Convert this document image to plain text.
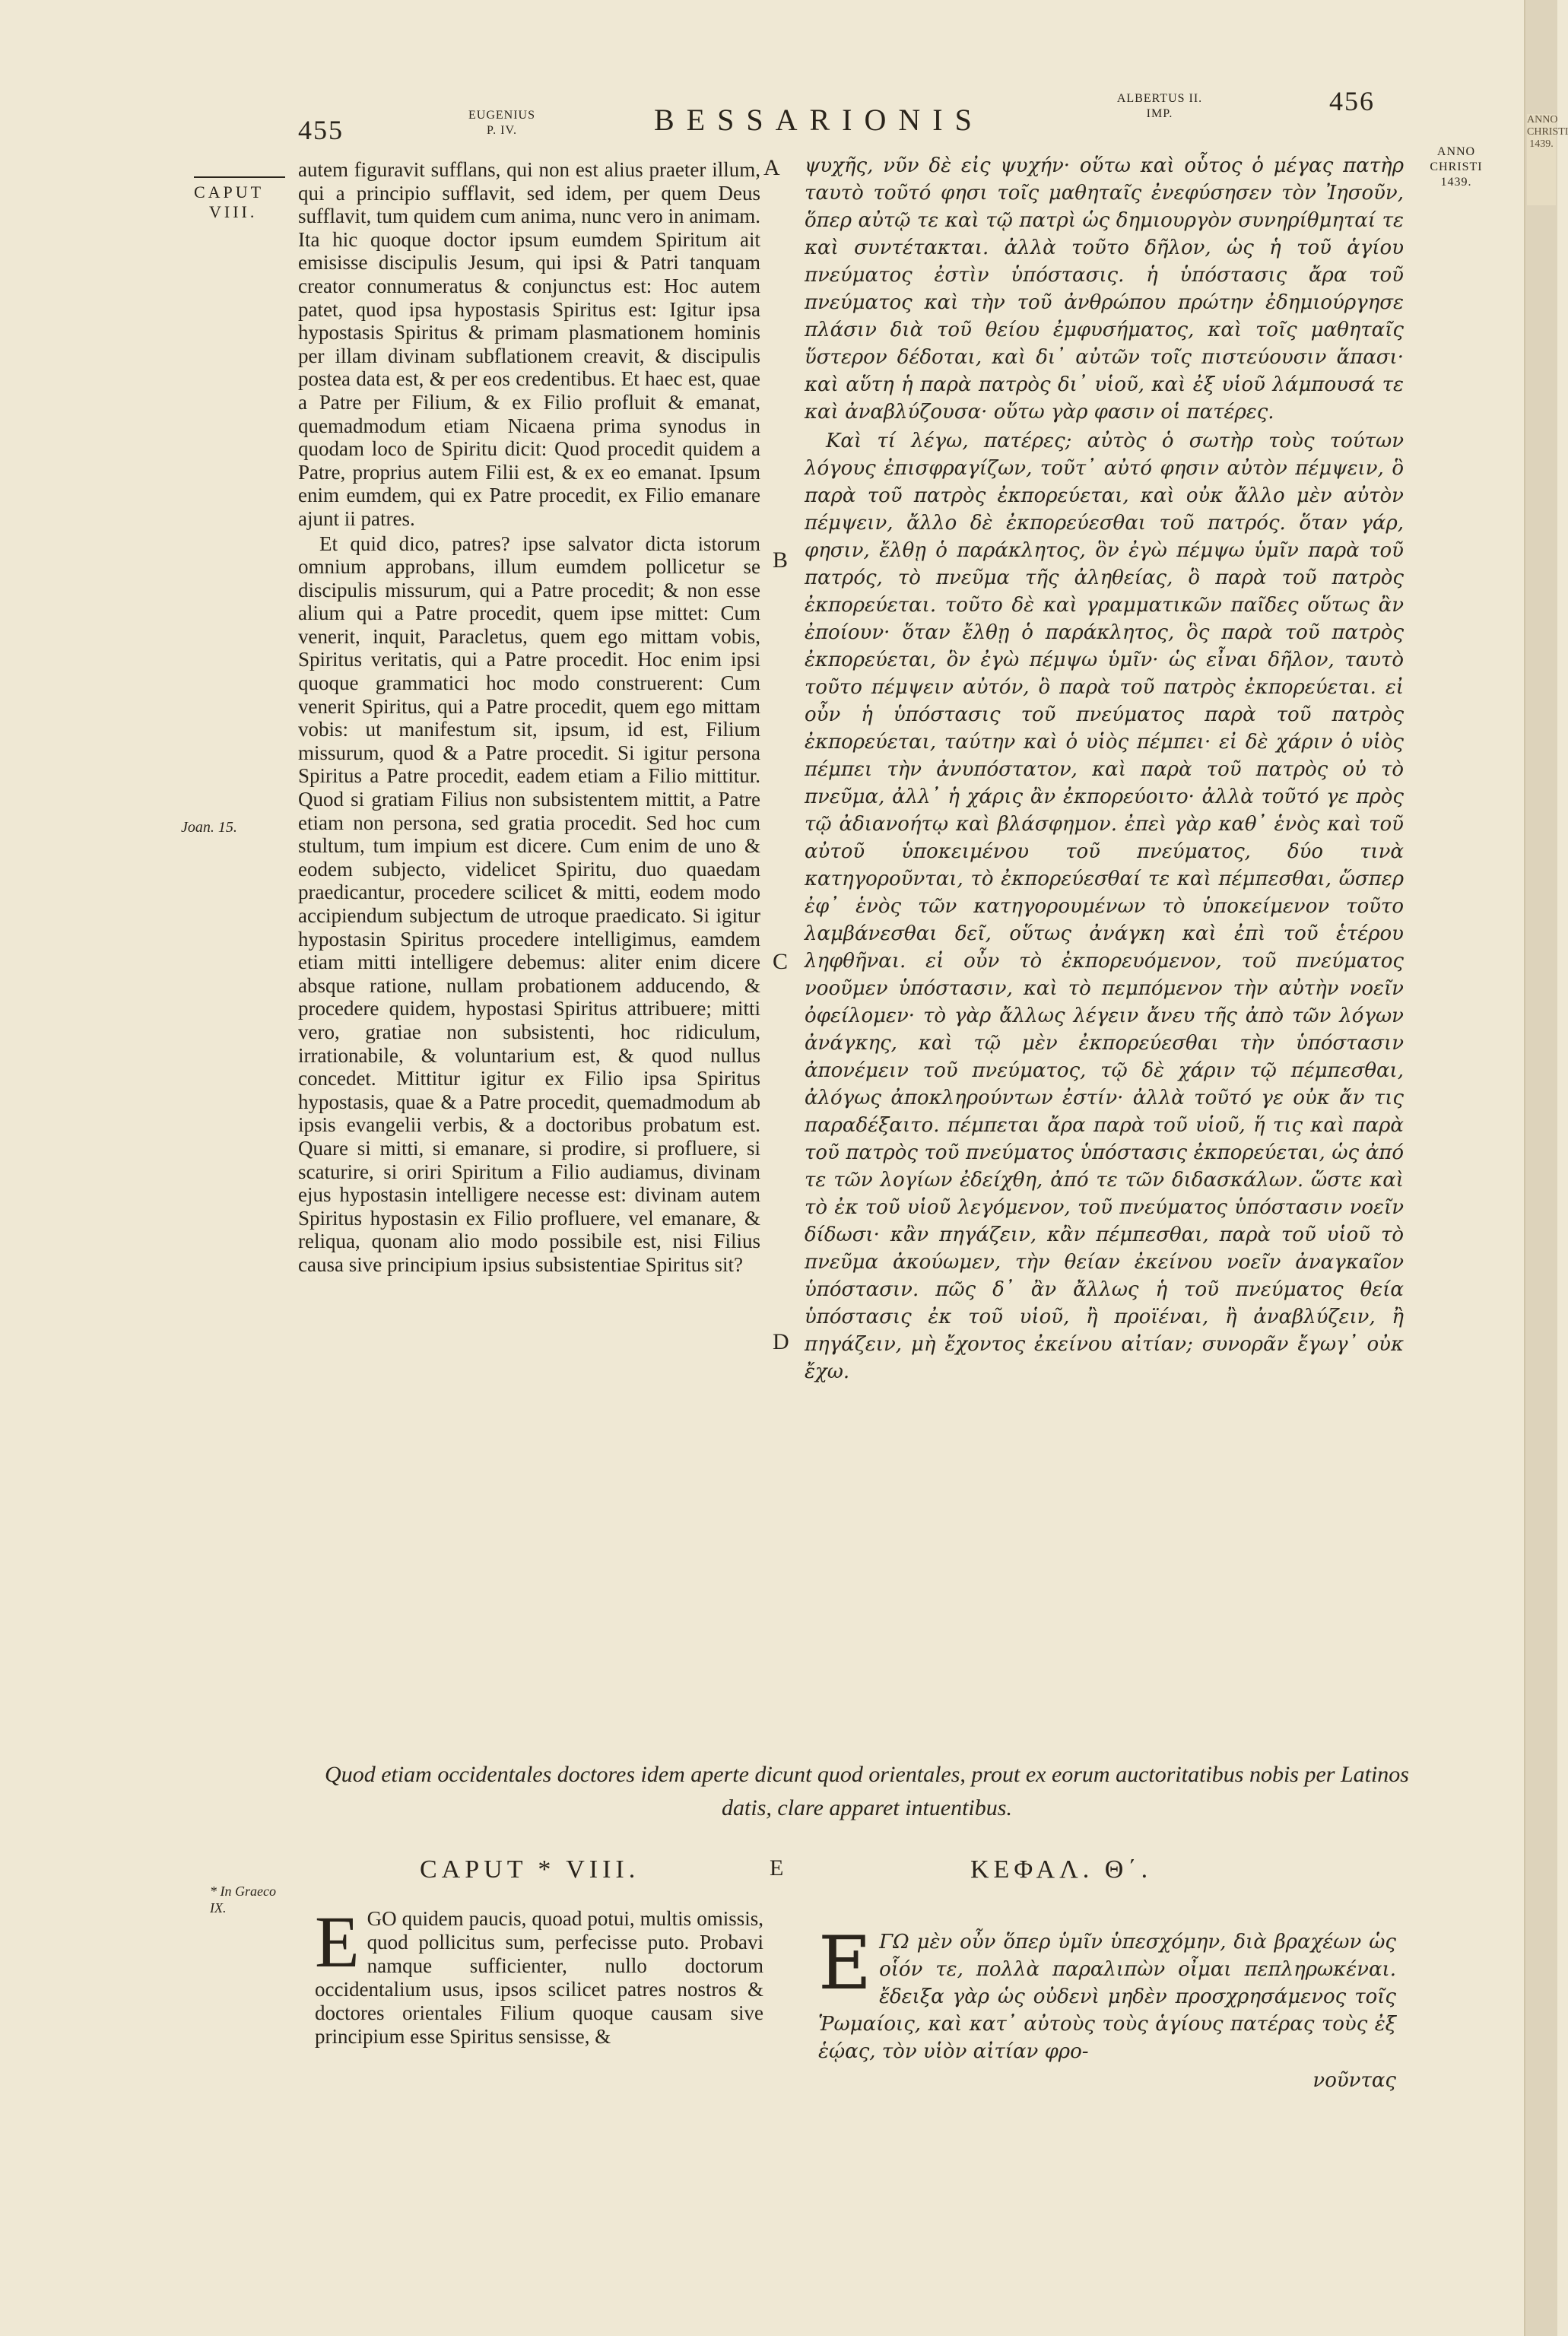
ANNO
CHRISTI
1439.
455	EUGENIUS
P. IV.	BESSARIONIS
ALBERTUS II.
IMP.	456
ANNO
CHRISTI
1439.
CAPUT
VIII.
Joan. 15.
* In Graeco
IX.

autem figuravit sufflans, qui non est alius praeter illum, qui a principio sufflavit, sed idem, per quem Deus sufflavit, tum quidem cum anima, nunc vero in animam. Ita hic quoque doctor ipsum eumdem Spiritum ait emisisse discipulis Jesum, qui ipsi & Patri tanquam creator connumeratus & conjunctus est: Hoc autem patet, quod ipsa hypostasis Spiritus est: Igitur ipsa hypostasis Spiritus & primam plasmationem hominis per illam divinam subflationem creavit, & discipulis postea data est, & per eos credentibus. Et haec est, quae a Patre per Filium, & ex Filio profluit & emanat, quemadmodum etiam Nicaena prima synodus in quodam loco de Spiritu dicit: Quod procedit quidem a Patre, proprius autem Filii est, & ex eo emanat. Ipsum enim eumdem, qui ex Patre procedit, ex Filio emanare ajunt ii patres.

Et quid dico, patres? ipse salvator dicta istorum omnium approbans, illum eumdem pollicetur se discipulis missurum, qui a Patre procedit; & non esse alium qui a Patre procedit, quem ipse mittet: Cum venerit, inquit, Paracletus, quem ego mittam vobis, Spiritus veritatis, qui a Patre procedit. Hoc enim ipsi quoque grammatici hoc modo construerent: Cum venerit Spiritus, qui a Patre procedit, quem ego mittam vobis: ut manifestum sit, ipsum, id est, Filium missurum, quod & a Patre procedit. Si igitur persona Spiritus a Patre procedit, eadem etiam a Filio mittitur. Quod si gratiam Filius non subsistentem mittit, a Patre etiam non persona, sed gratia procedit. Sed hoc cum stultum, tum impium est dicere. Cum enim de uno & eodem subjecto, videlicet Spiritu, duo quaedam praedicantur, procedere scilicet & mitti, eodem modo accipiendum subjectum de utroque praedicato. Si igitur hypostasin Spiritus procedere intelligimus, eamdem etiam mitti intelligere debemus: aliter enim dicere absque ratione, nullam probationem adducendo, & procedere quidem, hypostasi Spiritus attribuere; mitti vero, gratiae non subsistenti, hoc ridiculum, irrationabile, & voluntarium est, & quod nullus concedet. Mittitur igitur ex Filio ipsa Spiritus hypostasis, quae & a Patre procedit, quemadmodum ab ipsis evangelii verbis, & a doctoribus probatum est. Quare si mitti, si emanare, si prodire, si profluere, si scaturire, si oriri Spiritum a Filio audiamus, divinam ejus hypostasin intelligere necesse est: divinam autem Spiritus hypostasin ex Filio profluere, vel emanare, & reliqua, quonam alio modo possibile est, nisi Filius causa sive principium ipsius subsistentiae Spiritus sit?

A
B
C
D
E

ψυχῆς, νῦν δὲ εἰς ψυχήν· οὕτω καὶ οὗτος ὁ μέγας πατὴρ ταυτὸ τοῦτό φησι τοῖς μαθηταῖς ἐνεφύσησεν τὸν Ἰησοῦν, ὅπερ αὐτῷ τε καὶ τῷ πατρὶ ὡς δημιουργὸν συνηρίθμηταί τε καὶ συντέτακται. ἀλλὰ τοῦτο δῆλον, ὡς ἡ τοῦ ἁγίου πνεύματος ἐστὶν ὑπόστασις. ἡ ὑπόστασις ἄρα τοῦ πνεύματος καὶ τὴν τοῦ ἀνθρώπου πρώτην ἐδημιούργησε πλάσιν διὰ τοῦ θείου ἐμφυσήματος, καὶ τοῖς μαθηταῖς ὕστερον δέδοται, καὶ δι᾽ αὐτῶν τοῖς πιστεύουσιν ἅπασι· καὶ αὕτη ἡ παρὰ πατρὸς δι᾽ υἱοῦ, καὶ ἐξ υἱοῦ λάμπουσά τε καὶ ἀναβλύζουσα· οὕτω γὰρ φασιν οἱ πατέρες.

Καὶ τί λέγω, πατέρες; αὐτὸς ὁ σωτὴρ τοὺς τούτων λόγους ἐπισφραγίζων, τοῦτ᾽ αὐτό φησιν αὐτὸν πέμψειν, ὃ παρὰ τοῦ πατρὸς ἐκπορεύεται, καὶ οὐκ ἄλλο μὲν αὐτὸν πέμψειν, ἄλλο δὲ ἐκπορεύεσθαι τοῦ πατρός. ὅταν γάρ, φησιν, ἔλθῃ ὁ παράκλητος, ὃν ἐγὼ πέμψω ὑμῖν παρὰ τοῦ πατρός, τὸ πνεῦμα τῆς ἀληθείας, ὃ παρὰ τοῦ πατρὸς ἐκπορεύεται. τοῦτο δὲ καὶ γραμματικῶν παῖδες οὕτως ἂν ἐποίουν· ὅταν ἔλθῃ ὁ παράκλητος, ὃς παρὰ τοῦ πατρὸς ἐκπορεύεται, ὃν ἐγὼ πέμψω ὑμῖν· ὡς εἶναι δῆλον, ταυτὸ τοῦτο πέμψειν αὐτόν, ὃ παρὰ τοῦ πατρὸς ἐκπορεύεται. εἰ οὖν ἡ ὑπόστασις τοῦ πνεύματος παρὰ τοῦ πατρὸς ἐκπορεύεται, ταύτην καὶ ὁ υἱὸς πέμπει· εἰ δὲ χάριν ὁ υἱὸς πέμπει τὴν ἀνυπόστατον, καὶ παρὰ τοῦ πατρὸς οὐ τὸ πνεῦμα, ἀλλ᾽ ἡ χάρις ἂν ἐκπορεύοιτο· ἀλλὰ τοῦτό γε πρὸς τῷ ἀδιανοήτῳ καὶ βλάσφημον. ἐπεὶ γὰρ καθ᾽ ἑνὸς καὶ τοῦ αὐτοῦ ὑποκειμένου τοῦ πνεύματος, δύο τινὰ κατηγοροῦνται, τὸ ἐκπορεύεσθαί τε καὶ πέμπεσθαι, ὥσπερ ἐφ᾽ ἑνὸς τῶν κατηγορουμένων τὸ ὑποκείμενον τοῦτο λαμβάνεσθαι δεῖ, οὕτως ἀνάγκη καὶ ἐπὶ τοῦ ἑτέρου ληφθῆναι. εἰ οὖν τὸ ἐκπορευόμενον, τοῦ πνεύματος νοοῦμεν ὑπόστασιν, καὶ τὸ πεμπόμενον τὴν αὐτὴν νοεῖν ὀφείλομεν· τὸ γὰρ ἄλλως λέγειν ἄνευ τῆς ἀπὸ τῶν λόγων ἀνάγκης, καὶ τῷ μὲν ἐκπορεύεσθαι τὴν ὑπόστασιν ἀπονέμειν τοῦ πνεύματος, τῷ δὲ χάριν τῷ πέμπεσθαι, ἀλόγως ἀποκληρούντων ἐστίν· ἀλλὰ τοῦτό γε οὐκ ἄν τις παραδέξαιτο. πέμπεται ἄρα παρὰ τοῦ υἱοῦ, ἥ τις καὶ παρὰ τοῦ πατρὸς τοῦ πνεύματος ὑπόστασις ἐκπορεύεται, ὡς ἀπό τε τῶν λογίων ἐδείχθη, ἀπό τε τῶν διδασκάλων. ὥστε καὶ τὸ ἐκ τοῦ υἱοῦ λεγόμενον, τοῦ πνεύματος ὑπόστασιν νοεῖν δίδωσι· κἂν πηγάζειν, κἂν πέμπεσθαι, παρὰ τοῦ υἱοῦ τὸ πνεῦμα ἀκούωμεν, τὴν θείαν ἐκείνου νοεῖν ἀναγκαῖον ὑπόστασιν. πῶς δ᾽ ἂν ἄλλως ἡ τοῦ πνεύματος θεία ὑπόστασις ἐκ τοῦ υἱοῦ, ἢ προϊέναι, ἢ ἀναβλύζειν, ἢ πηγάζειν, μὴ ἔχοντος ἐκείνου αἰτίαν; συνορᾶν ἔγωγ᾽ οὐκ ἔχω.

Quod etiam occidentales doctores idem aperte dicunt quod orientales, prout ex eorum auctoritatibus nobis per Latinos datis, clare apparet intuentibus.
CAPUT * VIII.	ΚΕΦΑΛ. Θ΄.
E GO quidem paucis, quoad potui, multis omissis, quod pollicitus sum, perfecisse puto. Probavi namque sufficienter, nullo doctorum occidentalium usus, ipsos scilicet patres nostros & doctores orientales Filium quoque causam sive principium esse Spiritus sensisse, &
Ε ΓΩ μὲν οὖν ὅπερ ὑμῖν ὑπεσχόμην, διὰ βραχέων ὡς οἷόν τε, πολλὰ παραλιπὼν οἶμαι πεπληρωκέναι. ἔδειξα γὰρ ὡς οὐδενὶ μηδὲν προσχρησάμενος τοῖς Ῥωμαίοις, καὶ κατ᾽ αὐτοὺς τοὺς ἁγίους πατέρας τοὺς ἐξ ἑῴας, τὸν υἱὸν αἰτίαν φρο-
νοῦντας
